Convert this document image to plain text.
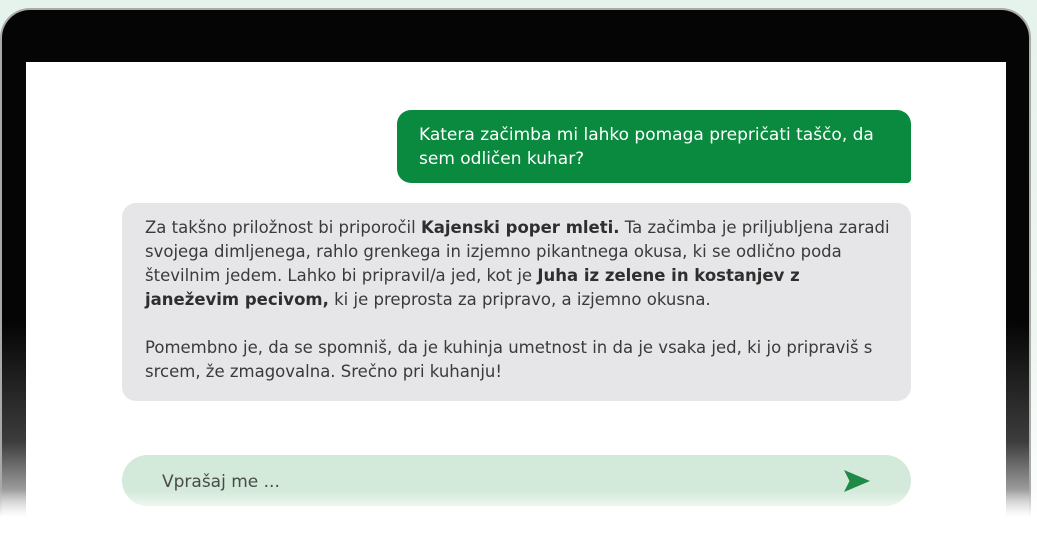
Katera začimba mi lahko pomaga prepričati taščo, da sem odličen kuhar?

Za takšno priložnost bi priporočil Kajenski poper mleti. Ta začimba je priljubljena zaradi svojega dimljenega, rahlo grenkega in izjemno pikantnega okusa, ki se odlično poda številnim jedem. Lahko bi pripravil/a jed, kot je Juha iz zelene in kostanjev z janeževim pecivom, ki je preprosta za pripravo, a izjemno okusna.

Pomembno je, da se spomniš, da je kuhinja umetnost in da je vsaka jed, ki jo pripraviš s srcem, že zmagovalna. Srečno pri kuhanju!

Vprašaj me ...
